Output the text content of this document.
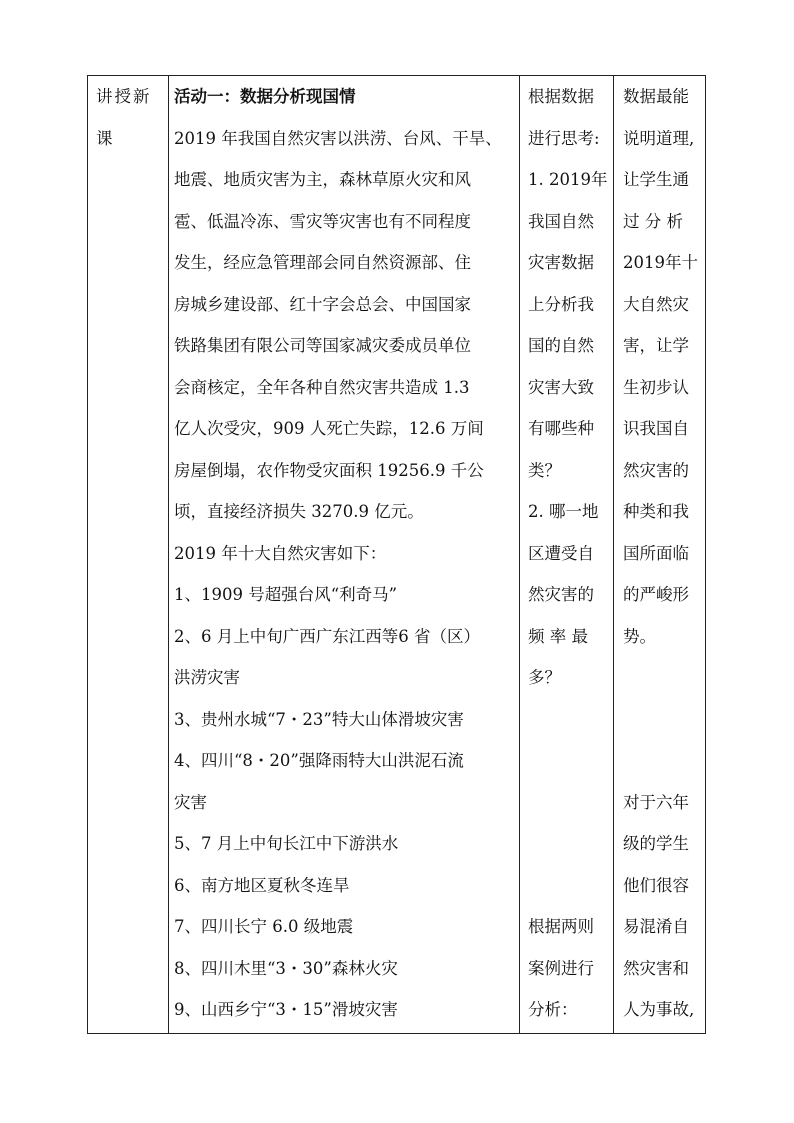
讲授新
课
活动一：数据分析现国情
2019 年我国自然灾害以洪涝、台风、干旱、
地震、地质灾害为主，森林草原火灾和风
雹、低温冷冻、雪灾等灾害也有不同程度
发生，经应急管理部会同自然资源部、住
房城乡建设部、红十字会总会、中国国家
铁路集团有限公司等国家减灾委成员单位
会商核定，全年各种自然灾害共造成 1.3
亿人次受灾，909 人死亡失踪，12.6 万间
房屋倒塌，农作物受灾面积 19256.9 千公
顷，直接经济损失 3270.9 亿元。
2019 年十大自然灾害如下：
1、1909 号超强台风“利奇马”
2、6 月上中旬广西广东江西等6 省（区）
洪涝灾害
3、贵州水城“7・23”特大山体滑坡灾害
4、四川“8・20”强降雨特大山洪泥石流
灾害
5、7 月上中旬长江中下游洪水
6、南方地区夏秋冬连旱
7、四川长宁 6.0 级地震
8、四川木里“3・30”森林火灾
9、山西乡宁“3・15”滑坡灾害
根据数据
进行思考:
1. 2019年
我国自然
灾害数据
上分析我
国的自然
灾害大致
有哪些种
类？
2. 哪一地
区遭受自
然灾害的
频 率 最
多？
根据两则
案例进行
分析：
数据最能
说明道理,
让学生通
过 分 析
2019年十
大自然灾
害，让学
生初步认
识我国自
然灾害的
种类和我
国所面临
的严峻形
势。
对于六年
级的学生
他们很容
易混淆自
然灾害和
人为事故,
